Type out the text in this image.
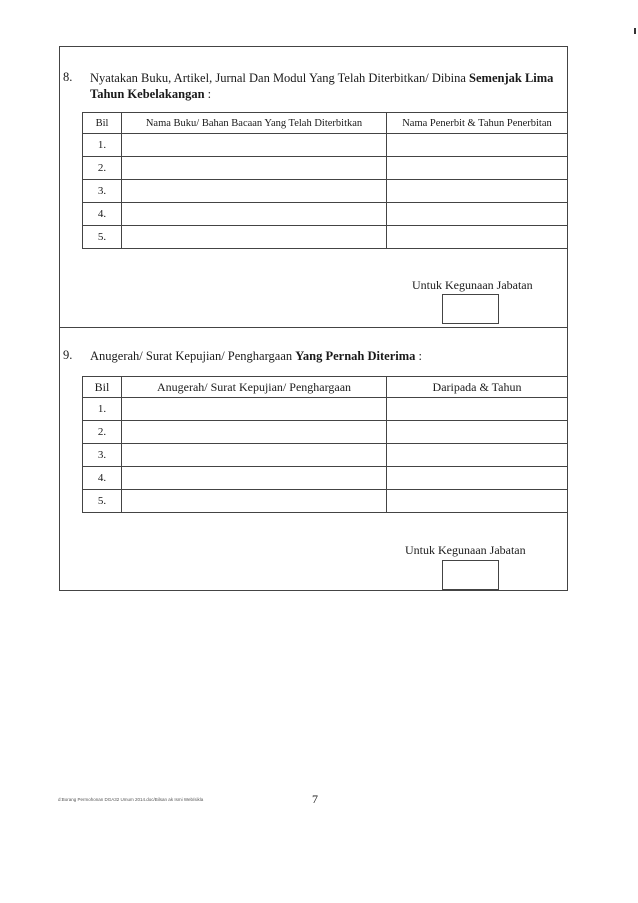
8. Nyatakan Buku, Artikel, Jurnal Dan Modul Yang Telah Diterbitkan/ Dibina Semenjak Lima Tahun Kebelakangan :
Bil	Nama Buku/ Bahan Bacaan Yang Telah Diterbitkan	Nama Penerbit & Tahun Penerbitan
1.		
2.		
3.		
4.		
5.		
Untuk Kegunaan Jabatan
9. Anugerah/ Surat Kepujian/ Penghargaan Yang Pernah Diterima :
Bil	Anugerah/ Surat Kepujian/ Penghargaan	Daripada & Tahun
1.		
2.		
3.		
4.		
5.		
Untuk Kegunaan Jabatan
d:Borang Permohonan DGA32 Umum 2014.doc/Bilsan ak Ismi Web/sikla	7
